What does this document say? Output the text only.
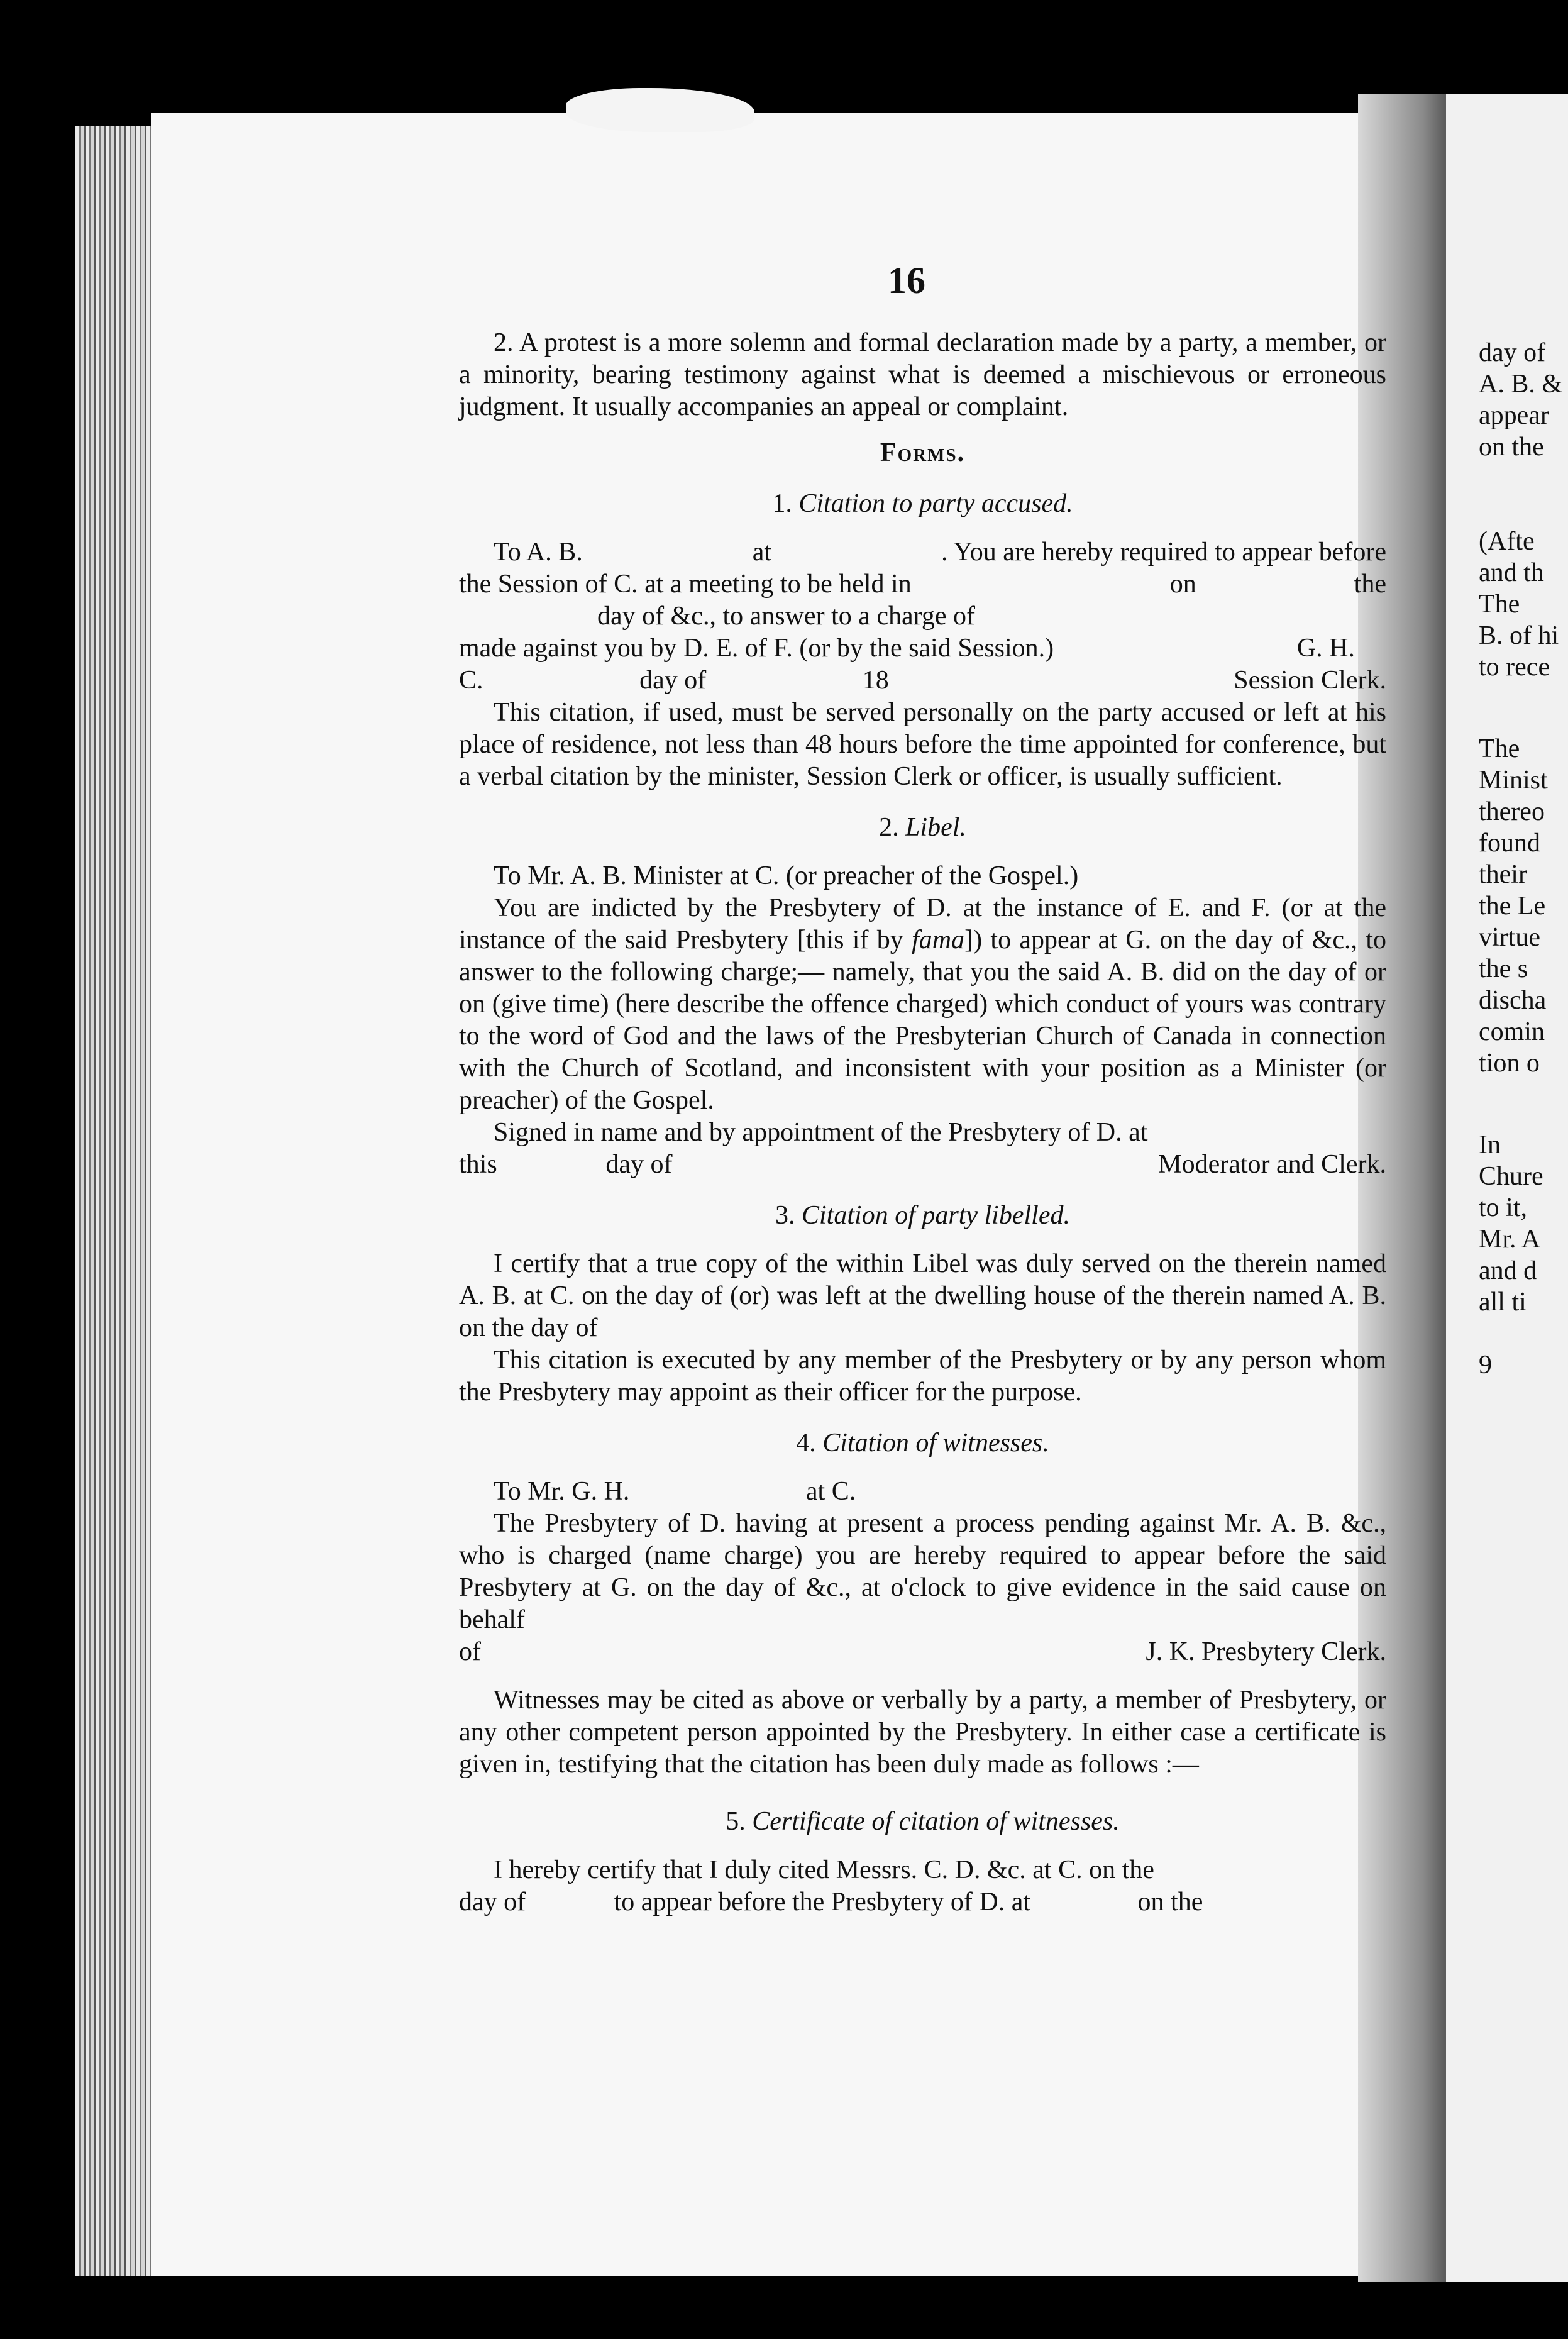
day of
A. B. &
appear
on the
(Afte
and th
The
B. of hi
to rece
The
Minist
thereo
found
their
the Le
virtue
the s
discha
comin
tion o
In
Chure
to it,
Mr. A
and d
all ti
9
16

2. A protest is a more solemn and formal declaration made by a party, a member, or a minority, bearing testimony against what is deemed a mischievous or erroneous judgment. It usually accompanies an appeal or complaint.

Forms.
1. Citation to party accused.
To A. B.	at	. You are hereby required to appear before
the Session of C. at a meeting to be held in	on	the
day of &c., to answer to a charge of
made against you by D. E. of F. (or by the said Session.)	G. H.
C.	day of	18	Session Clerk.

This citation, if used, must be served personally on the party accused or left at his place of residence, not less than 48 hours before the time appointed for conference, but a verbal citation by the minister, Session Clerk or officer, is usually sufficient.

2. Libel.

To Mr. A. B. Minister at C. (or preacher of the Gospel.)

You are indicted by the Presbytery of D. at the instance of E. and F. (or at the instance of the said Presbytery [this if by fama]) to appear at G. on the day of &c., to answer to the following charge;— namely, that you the said A. B. did on the day of or on (give time) (here describe the offence charged) which conduct of yours was contrary to the word of God and the laws of the Presbyterian Church of Canada in connection with the Church of Scotland, and inconsistent with your position as a Minister (or preacher) of the Gospel.

Signed in name and by appointment of the Presbytery of D. at

this	day of	Moderator and Clerk.
3. Citation of party libelled.

I certify that a true copy of the within Libel was duly served on the therein named A. B. at C. on the day of (or) was left at the dwelling house of the therein named A. B. on the day of

This citation is executed by any member of the Presbytery or by any person whom the Presbytery may appoint as their officer for the purpose.

4. Citation of witnesses.
To Mr. G. H.	at C.

The Presbytery of D. having at present a process pending against Mr. A. B. &c., who is charged (name charge) you are hereby required to appear before the said Presbytery at G. on the day of &c., at o'clock to give evidence in the said cause on behalf

of	J. K. Presbytery Clerk.

Witnesses may be cited as above or verbally by a party, a member of Presbytery, or any other competent person appointed by the Presbytery. In either case a certificate is given in, testifying that the citation has been duly made as follows :—

5. Certificate of citation of witnesses.
I hereby certify that I duly cited Messrs. C. D. &c. at C. on the
day of	to appear before the Presbytery of D. at	on the
